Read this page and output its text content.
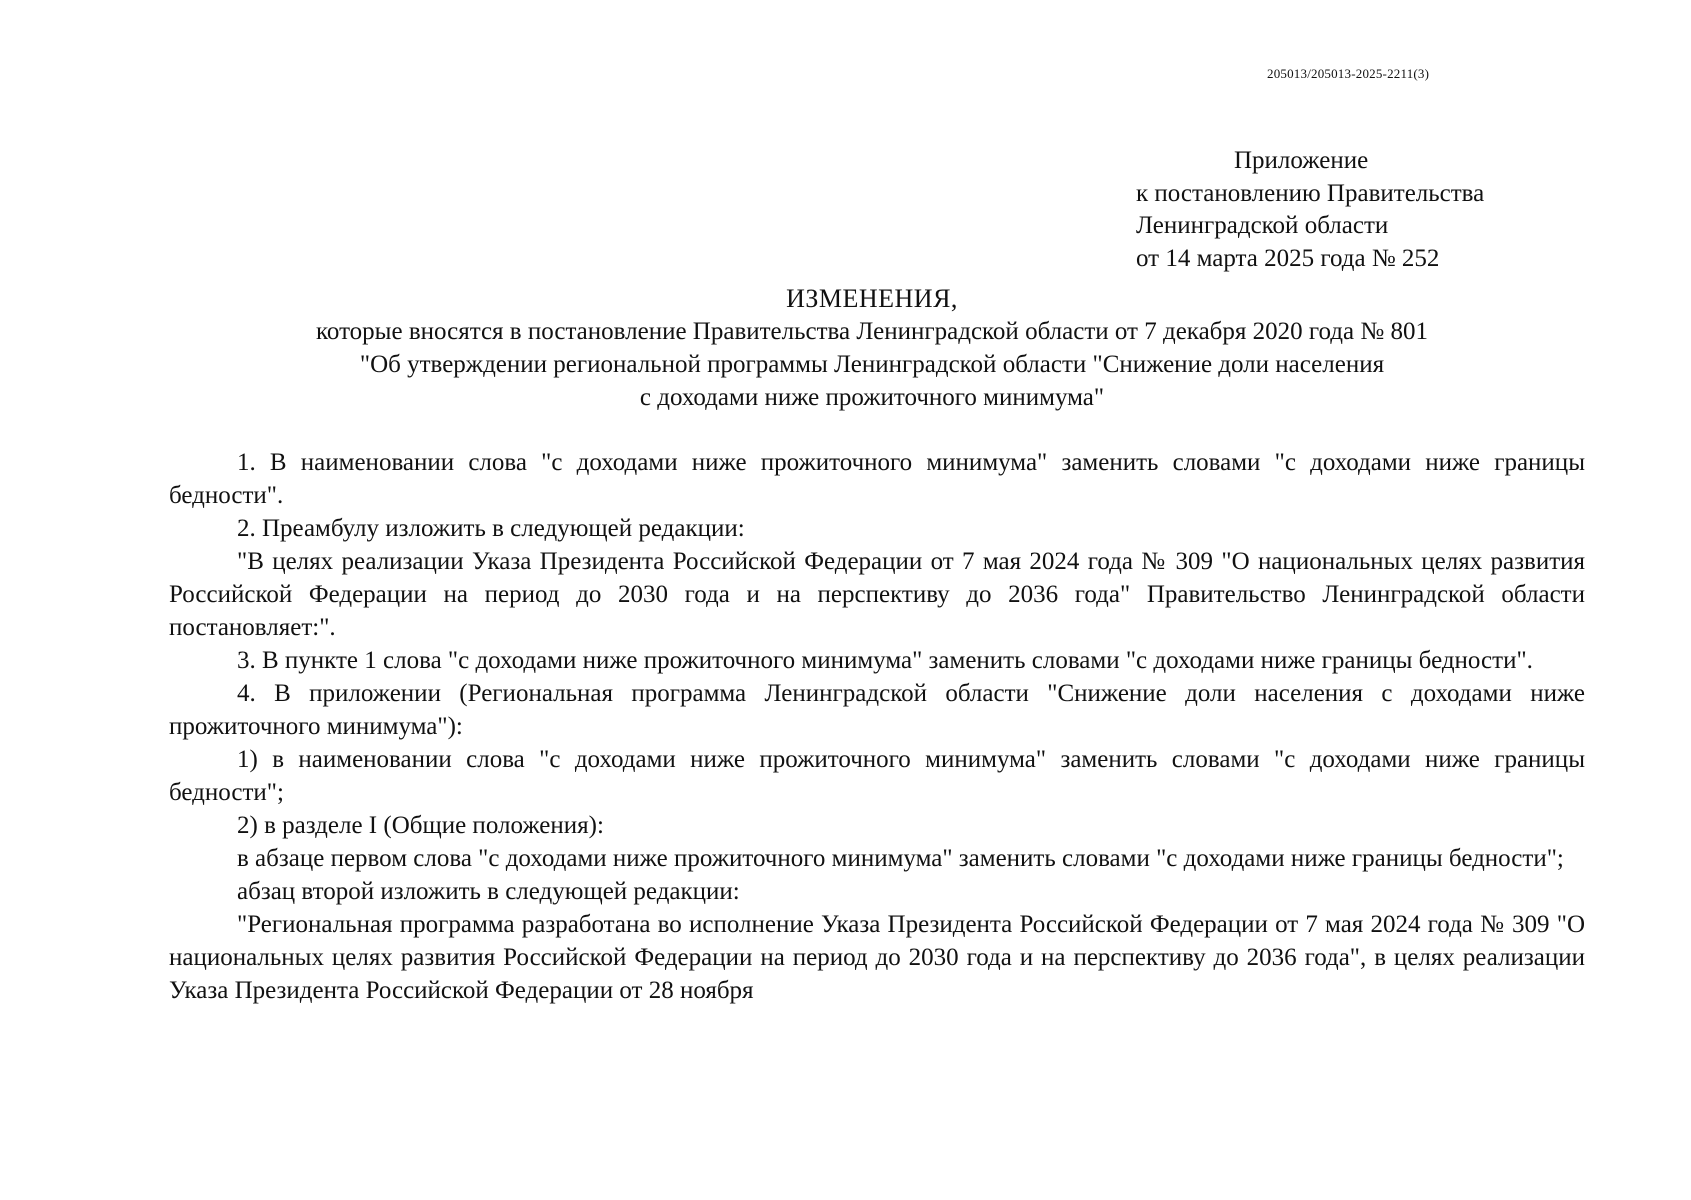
205013/205013-2025-2211(3)
Приложение
к постановлению Правительства
Ленинградской области
от 14 марта 2025 года № 252
ИЗМЕНЕНИЯ,
которые вносятся в постановление Правительства Ленинградской области от 7 декабря 2020 года № 801
"Об утверждении региональной программы Ленинградской области "Снижение доли населения
с доходами ниже прожиточного минимума"

1. В наименовании слова "с доходами ниже прожиточного минимума" заменить словами "с доходами ниже границы бедности".

2. Преамбулу изложить в следующей редакции:

"В целях реализации Указа Президента Российской Федерации от 7 мая 2024 года № 309 "О национальных целях развития Российской Федерации на период до 2030 года и на перспективу до 2036 года" Правительство Ленинградской области постановляет:".

3. В пункте 1 слова "с доходами ниже прожиточного минимума" заменить словами "с доходами ниже границы бедности".

4. В приложении (Региональная программа Ленинградской области "Снижение доли населения с доходами ниже прожиточного минимума"):

1) в наименовании слова "с доходами ниже прожиточного минимума" заменить словами "с доходами ниже границы бедности";

2) в разделе I (Общие положения):

в абзаце первом слова "с доходами ниже прожиточного минимума" заменить словами "с доходами ниже границы бедности";

абзац второй изложить в следующей редакции:

"Региональная программа разработана во исполнение Указа Президента Российской Федерации от 7 мая 2024 года № 309 "О национальных целях развития Российской Федерации на период до 2030 года и на перспективу до 2036 года", в целях реализации Указа Президента Российской Федерации от 28 ноября
